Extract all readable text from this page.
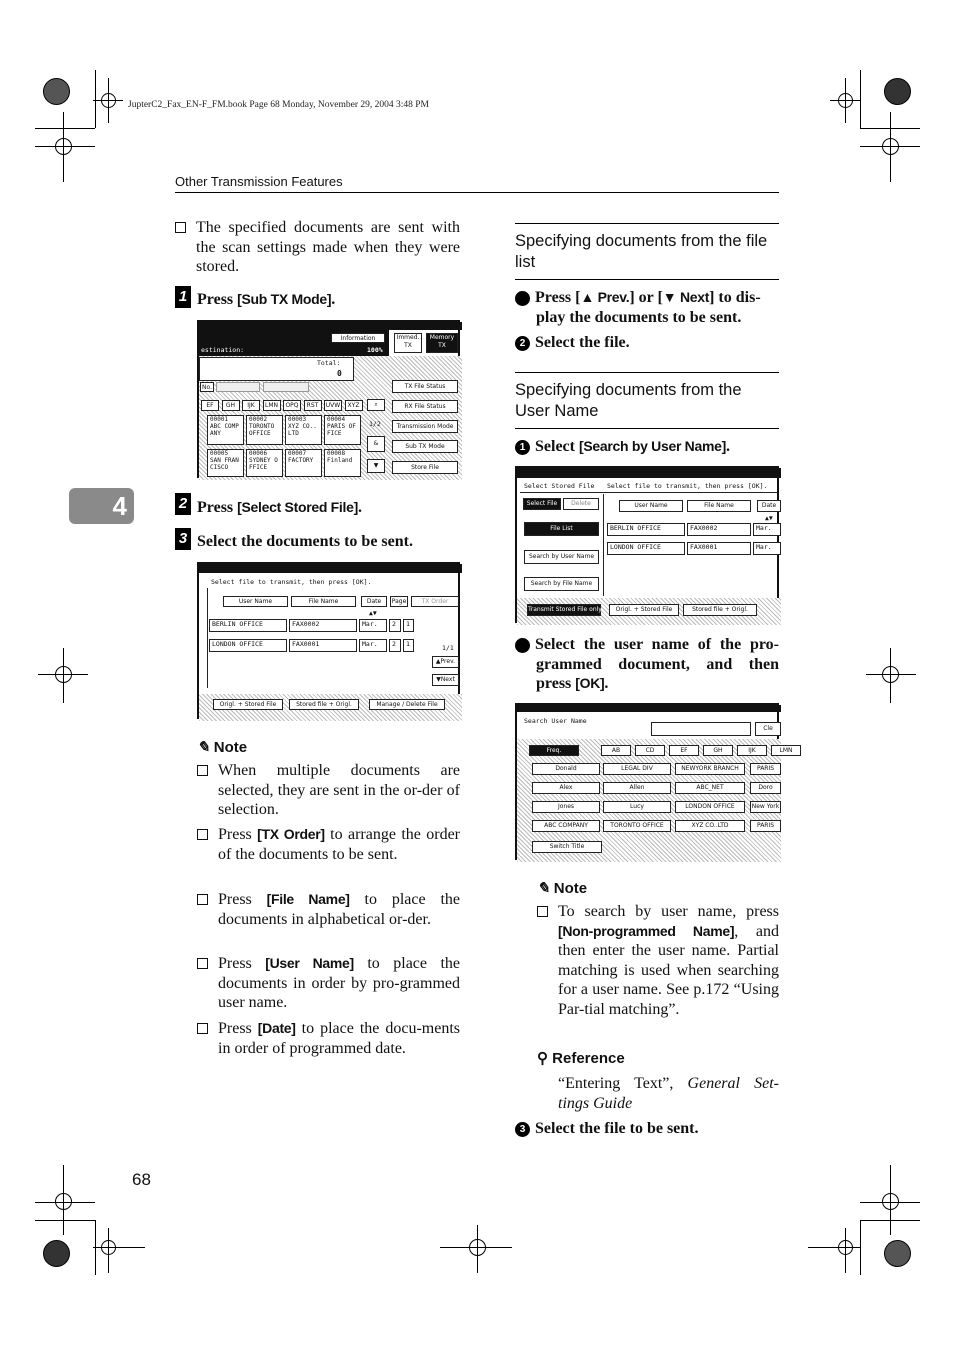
JupterC2_Fax_EN-F_FM.book Page 68 Monday, November 29, 2004 3:48 PM
Other Transmission Features
4
68
The specified documents are sent with the scan settings made when they were stored.
1 Press [Sub TX Mode].
Information
estination:	100%
Immed. TX
Memory TX
Total:
0
No.	TX File Status
RX File Status
Transmission Mode
Sub TX Mode
Store File
EF	GH	IJK	LMN	OPQ	RST	UVW	XYZ
00001
ABC COMP ANY
00002
TORONTO OFFICE
00003
XYZ CO.. LTD
00004
PARIS OF FICE
00005
SAN FRAN CISCO
00006
SYDNEY O FFICE
00007
FACTORY
00008
Finland
⌕
1/2
&
▼
2 Press [Select Stored File].
3 Select the documents to be sent.
Select file to transmit, then press [OK].
User Name	File Name	Date	Page	TX Order
▲▼
BERLIN OFFICE	FAX0002	Mar.	2	1
LONDON OFFICE	FAX0001	Mar.	2	1	1/1
▲Prev.
▼Next
Origl. + Stored File	Stored file + Origl.	Manage / Delete File
✎ Note
When multiple documents are selected, they are sent in the or-der of selection.
Press [TX Order] to arrange the order of the documents to be sent.
Press [File Name] to place the documents in alphabetical or-der.
Press [User Name] to place the documents in order by pro-grammed user name.
Press [Date] to place the docu-ments in order of programmed date.
Specifying documents from the file list
1 Press [▲ Prev.] or [▼ Next] to dis-play the documents to be sent.
2 Select the file.
Specifying documents from the User Name
1 Select [Search by User Name].
Select Stored File Select file to transmit, then press [OK].
Select File	Delete
File List
Search by User Name
Search by File Name
User Name	File Name	Date
▲▼
BERLIN OFFICE	FAX0002	Mar.
LONDON OFFICE	FAX0001	Mar.
Transmit Stored File only	Origl. + Stored File	Stored file + Origl.
2 Select the user name of the pro-grammed document, and then press [OK].
Search User Name
Cle
Freq.	AB	CD	EF	GH	IJK	LMN
Donald	LEGAL DIV	NEWYORK BRANCH	PARIS
Alex	Allen	ABC_NET	Doro
Jones	Lucy	LONDON OFFICE	New York
ABC COMPANY	TORONTO OFFICE	XYZ CO..LTD	PARIS
Switch Title
✎ Note
To search by user name, press [Non-programmed Name], and then enter the user name. Partial matching is used when searching for a user name. See p.172 “Using Par-tial matching”.
⚲ Reference
“Entering Text”, General Set-tings Guide
3 Select the file to be sent.
